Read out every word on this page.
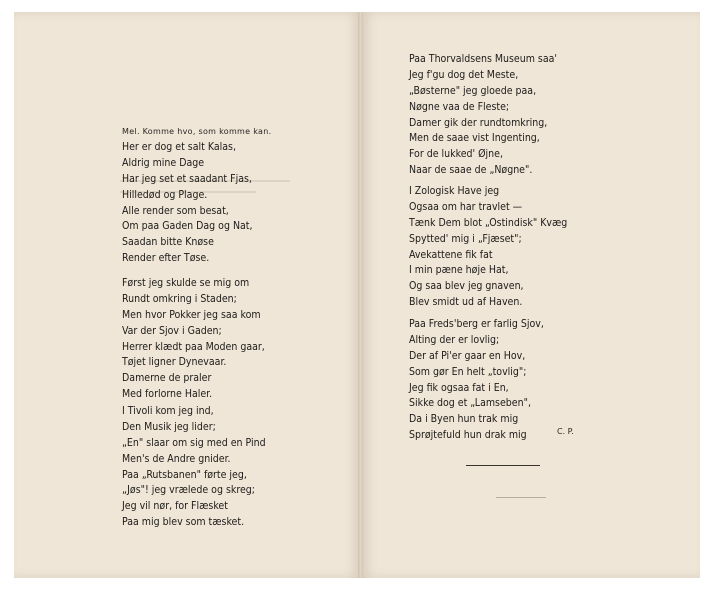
Mel. Komme hvo, som komme kan.
Her er dog et salt Kalas,
Aldrig mine Dage
Har jeg set et saadant Fjas,
Hilledød og Plage.
Alle render som besat,
Om paa Gaden Dag og Nat,
Saadan bitte Knøse
Render efter Tøse.
Først jeg skulde se mig om
Rundt omkring i Staden;
Men hvor Pokker jeg saa kom
Var der Sjov i Gaden;
Herrer klædt paa Moden gaar,
Tøjet ligner Dynevaar.
Damerne de praler
Med forlorne Haler.
I Tivoli kom jeg ind,
Den Musik jeg lider;
„En" slaar om sig med en Pind
Men's de Andre gnider.
Paa „Rutsbanen" førte jeg,
„Jøs"! jeg vrælede og skreg;
Jeg vil nør, for Flæsket
Paa mig blev som tæsket.
Paa Thorvaldsens Museum saa'
Jeg f'gu dog det Meste,
„Bøsterne" jeg gloede paa,
Nøgne vaa de Fleste;
Damer gik der rundtomkring,
Men de saae vist Ingenting,
For de lukked' Øjne,
Naar de saae de „Nøgne".
I Zologisk Have jeg
Ogsaa om har travlet —
Tænk Dem blot „Ostindisk" Kvæg
Spytted' mig i „Fjæset";
Avekattene fik fat
I min pæne høje Hat,
Og saa blev jeg gnaven,
Blev smidt ud af Haven.
Paa Freds'berg er farlig Sjov,
Alting der er lovlig;
Der af Pi'er gaar en Hov,
Som gør En helt „tovlig";
Jeg fik ogsaa fat i En,
Sikke dog et „Lamseben",
Da i Byen hun trak mig
Sprøjtefuld hun drak mig	C. P.
